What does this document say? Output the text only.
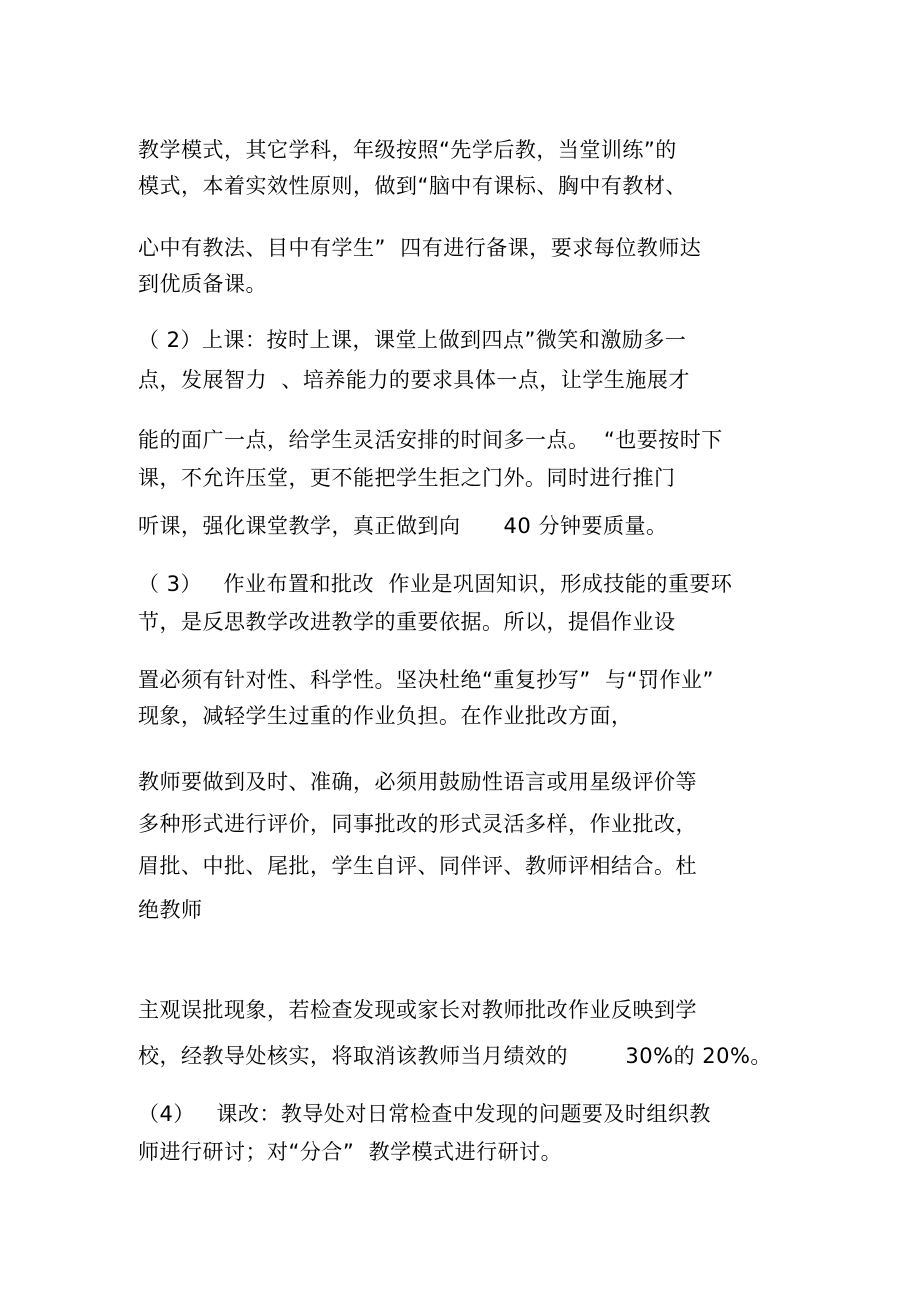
教学模式，其它学科，年级按照“先学后教，当堂训练”的
模式，本着实效性原则，做到“脑中有课标、胸中有教材、
心中有教法、目中有学生”  四有进行备课，要求每位教师达
到优质备课。
（ 2）上课：按时上课，课堂上做到四点”微笑和激励多一
点，发展智力  、培养能力的要求具体一点，让学生施展才
能的面广一点，给学生灵活安排的时间多一点。  “也要按时下
课，不允许压堂，更不能把学生拒之门外。同时进行推门
听课，强化课堂教学，真正做到向      40 分钟要质量。
（ 3）   作业布置和批改  作业是巩固知识，形成技能的重要环
节，是反思教学改进教学的重要依据。所以，提倡作业设
置必须有针对性、科学性。坚决杜绝“重复抄写”  与“罚作业”
现象，减轻学生过重的作业负担。在作业批改方面，
教师要做到及时、准确，必须用鼓励性语言或用星级评价等
多种形式进行评价，同事批改的形式灵活多样，作业批改，
眉批、中批、尾批，学生自评、同伴评、教师评相结合。杜
绝教师
主观误批现象，若检查发现或家长对教师批改作业反映到学
校，经教导处核实，将取消该教师当月绩效的        30%的 20%。
（4）   课改：教导处对日常检查中发现的问题要及时组织教
师进行研讨；对“分合”  教学模式进行研讨。
